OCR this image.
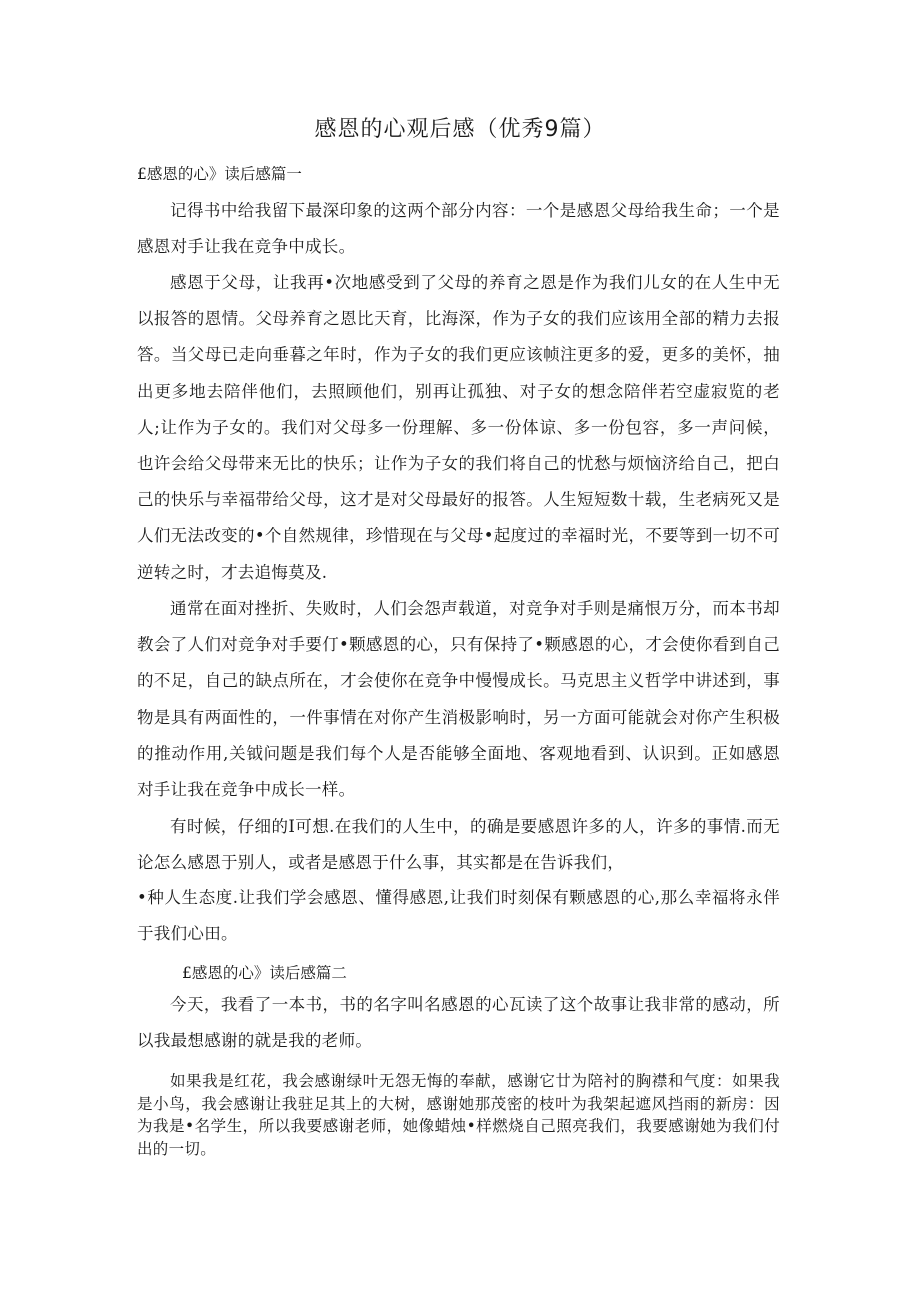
感恩的心观后感（优秀9篇）

£感恩的心》读后感篇一

记得书中给我留下最深印象的这两个部分内容：一个是感恩父母给我生命；一个是感恩对手让我在竞争中成长。

感恩于父母，让我再•次地感受到了父母的养育之恩是作为我们儿女的在人生中无以报答的恩情。父母养育之恩比天育，比海深，作为子女的我们应该用全部的精力去报答。当父母已走向垂暮之年时，作为子女的我们更应该帧注更多的爱，更多的美怀，抽出更多地去陪伴他们，去照顾他们，别再让孤独、对子女的想念陪伴若空虚寂览的老人;让作为子女的。我们对父母多一份理解、多一份体谅、多一份包容，多一声问候，也许会给父母带来无比的快乐；让作为子女的我们将自己的忧愁与烦恼济给自己，把白己的快乐与幸福带给父母，这才是对父母最好的报答。人生短短数十载，生老病死又是人们无法改变的•个自然规律，珍惜现在与父母•起度过的幸福时光，不要等到一切不可逆转之时，才去追悔莫及.

通常在面对挫折、失败时，人们会怨声载道，对竞争对手则是痛恨万分，而本书却教会了人们对竞争对手要仃•颗感恩的心，只有保持了•颗感恩的心，才会使你看到自己的不足，自己的缺点所在，才会使你在竞争中慢慢成长。马克思主义哲学中讲述到，事物是具有两面性的，一件事情在对你产生消极影响时，另一方面可能就会对你产生积极的推动作用,关钺问题是我们每个人是否能够全面地、客观地看到、认识到。正如感恩对手让我在竞争中成长一样。

有时候，仔细的I可想.在我们的人生中，的确是要感恩许多的人，许多的事情.而无论怎么感恩于别人，或者是感恩于什么事，其实都是在告诉我们，

•种人生态度.让我们学会感恩、懂得感恩,让我们时刻保有颗感恩的心,那么幸福将永伴于我们心田。

£感恩的心》读后感篇二

今天，我看了一本书，书的名字叫名感恩的心瓦读了这个故事让我非常的感动，所以我最想感谢的就是我的老师。

如果我是红花，我会感谢绿叶无怨无悔的奉献，感谢它廿为陪衬的胸襟和气度：如果我是小鸟，我会感谢让我驻足其上的大树，感谢她那茂密的枝叶为我架起遮风挡雨的新房：因为我是•名学生，所以我要感谢老师，她像蜡烛•样燃烧自己照亮我们，我要感谢她为我们付出的一切。
